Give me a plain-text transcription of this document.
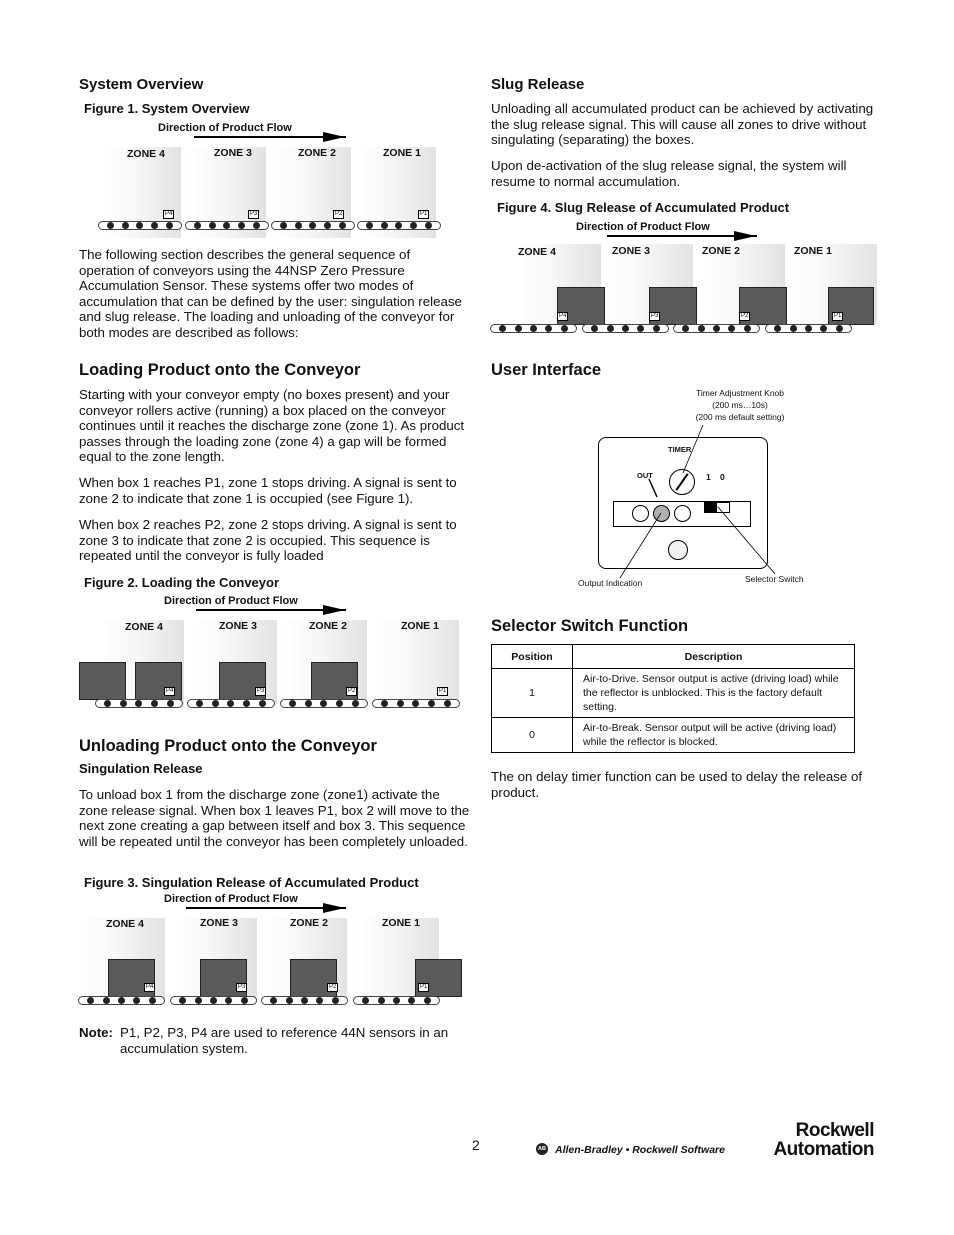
System Overview
Figure 1. System Overview
Direction of Product Flow
ZONE 4	ZONE 3	ZONE 2	ZONE 1
P4	P3	P2	P1

The following section describes the general sequence of operation of conveyors using the 44NSP Zero Pressure Accumulation Sensor. These systems offer two modes of accumulation that can be defined by the user: singulation release and slug release. The loading and unloading of the conveyor for both modes are described as follows:

Loading Product onto the Conveyor

Starting with your conveyor empty (no boxes present) and your conveyor rollers active (running) a box placed on the conveyor continues until it reaches the discharge zone (zone 1). As product passes through the loading zone (zone 4) a gap will be formed equal to the zone length.

When box 1 reaches P1, zone 1 stops driving. A signal is sent to zone 2 to indicate that zone 1 is occupied (see Figure 1).

When box 2 reaches P2, zone 2 stops driving. A signal is sent to zone 3 to indicate that zone 2 is occupied. This sequence is repeated until the conveyor is fully loaded

Figure 2. Loading the Conveyor
Direction of Product Flow
ZONE 4	ZONE 3	ZONE 2	ZONE 1
P4	P3	P2	P1
Unloading Product onto the Conveyor
Singulation Release

To unload box 1 from the discharge zone (zone1) activate the zone release signal. When box 1 leaves P1, box 2 will move to the next zone creating a gap between itself and box 3. This sequence will be repeated until the conveyor has been completely unloaded.

Figure 3. Singulation Release of Accumulated Product
Direction of Product Flow
ZONE 4	ZONE 3	ZONE 2	ZONE 1
P4	P3	P2	P1
Note: P1, P2, P3, P4 are used to reference 44N sensors in an accumulation system.

Slug Release

Unloading all accumulated product can be achieved by activating the slug release signal. This will cause all zones to drive without singulating (separating) the boxes.

Upon de-activation of the slug release signal, the system will resume to normal accumulation.

Figure 4. Slug Release of Accumulated Product
Direction of Product Flow
ZONE 4	ZONE 3	ZONE 2	ZONE 1
P4	P3	P2	P1
User Interface
Timer Adjustment Knob
(200 ms…10s)
(200 ms default setting)
TIMER
OUT	1 0
Output Indication	Selector Switch
Selector Switch Function
Position	Description
1	Air-to-Drive. Sensor output is active (driving load) while the reflector is unblocked. This is the factory default setting.
0	Air-to-Break. Sensor output will be active (driving load) while the reflector is blocked.

The on delay timer function can be used to delay the release of product.

2	AB Allen-Bradley • Rockwell Software
Rockwell
Automation
